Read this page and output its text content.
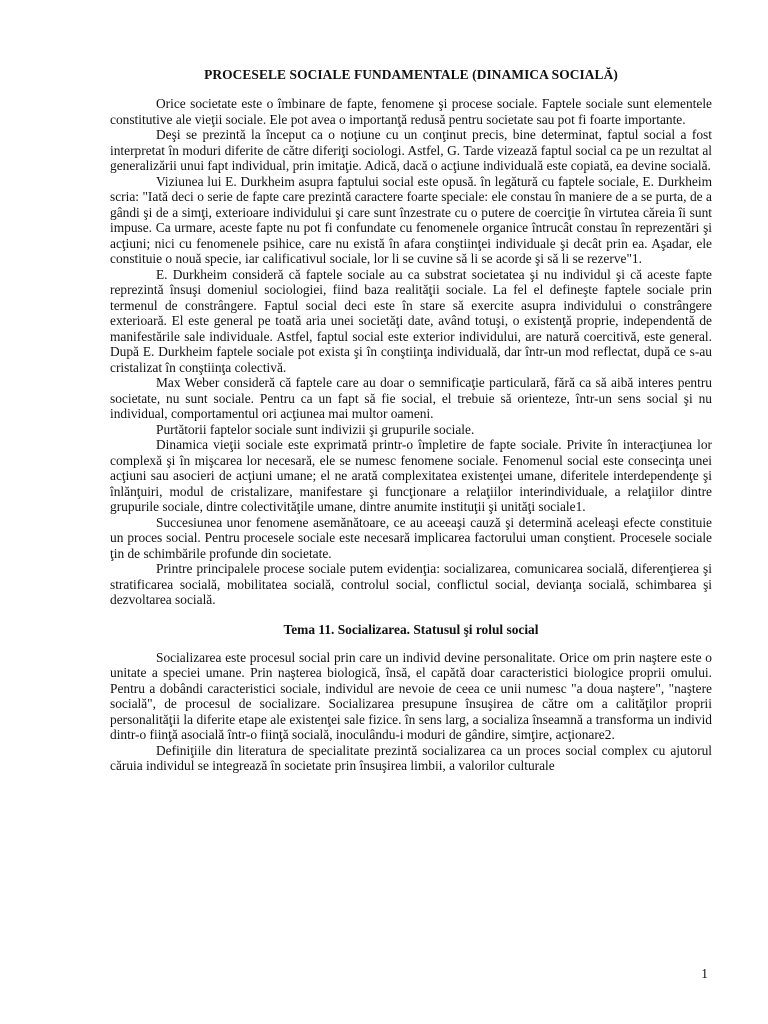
PROCESELE SOCIALE FUNDAMENTALE (DINAMICA SOCIALĂ)

Orice societate este o îmbinare de fapte, fenomene şi procese sociale. Faptele sociale sunt elementele constitutive ale vieţii sociale. Ele pot avea o importanţă redusă pentru societate sau pot fi foarte importante.

Deşi se prezintă la început ca o noţiune cu un conţinut precis, bine determinat, faptul social a fost interpretat în moduri diferite de către diferiţi sociologi. Astfel, G. Tarde vizează faptul social ca pe un rezultat al generalizării unui fapt individual, prin imitaţie. Adică, dacă o acţiune individuală este copiată, ea devine socială.

Viziunea lui E. Durkheim asupra faptului social este opusă. în legătură cu faptele sociale, E. Durkheim scria: "Iată deci o serie de fapte care prezintă caractere foarte speciale: ele constau în maniere de a se purta, de a gândi şi de a simţi, exterioare individului şi care sunt înzestrate cu o putere de coerciţie în virtutea căreia îi sunt impuse. Ca urmare, aceste fapte nu pot fi confundate cu fenomenele organice întrucât constau în reprezentări şi acţiuni; nici cu fenomenele psihice, care nu există în afara conştiinţei individuale şi decât prin ea. Aşadar, ele constituie o nouă specie, iar calificativul sociale, lor li se cuvine să li se acorde şi să li se rezerve"1.

E. Durkheim consideră că faptele sociale au ca substrat societatea şi nu individul şi că aceste fapte reprezintă însuşi domeniul sociologiei, fiind baza realităţii sociale. La fel el defineşte faptele sociale prin termenul de constrângere. Faptul social deci este în stare să exercite asupra individului o constrângere exterioară. El este general pe toată aria unei societăţi date, având totuşi, o existenţă proprie, independentă de manifestările sale individuale. Astfel, faptul social este exterior individului, are natură coercitivă, este general. După E. Durkheim faptele sociale pot exista şi în conştiinţa individuală, dar într-un mod reflectat, după ce s-au cristalizat în conştiinţa colectivă.

Max Weber consideră că faptele care au doar o semnificaţie particulară, fără ca să aibă interes pentru societate, nu sunt sociale. Pentru ca un fapt să fie social, el trebuie să orienteze, într-un sens social şi nu individual, comportamentul ori acţiunea mai multor oameni.

Purtătorii faptelor sociale sunt indivizii şi grupurile sociale.

Dinamica vieţii sociale este exprimată printr-o împletire de fapte sociale. Privite în interacţiunea lor complexă şi în mişcarea lor necesară, ele se numesc fenomene sociale. Fenomenul social este consecinţa unei acţiuni sau asocieri de acţiuni umane; el ne arată complexitatea existenţei umane, diferitele interdependenţe şi înlănţuiri, modul de cristalizare, manifestare şi funcţionare a relaţiilor interindividuale, a relaţiilor dintre grupurile sociale, dintre colectivităţile umane, dintre anumite instituţii şi unităţi sociale1.

Succesiunea unor fenomene asemănătoare, ce au aceeaşi cauză şi determină aceleaşi efecte constituie un proces social. Pentru procesele sociale este necesară implicarea factorului uman conştient. Procesele sociale ţin de schimbările profunde din societate.

Printre principalele procese sociale putem evidenţia: socializarea, comunicarea socială, diferenţierea şi stratificarea socială, mobilitatea socială, controlul social, conflictul social, devianţa socială, schimbarea şi dezvoltarea socială.

Tema 11. Socializarea. Statusul şi rolul social

Socializarea este procesul social prin care un individ devine personalitate. Orice om prin naştere este o unitate a speciei umane. Prin naşterea biologică, însă, el capătă doar caracteristici biologice proprii omului. Pentru a dobândi caracteristici sociale, individul are nevoie de ceea ce unii numesc "a doua naştere", "naştere socială", de procesul de socializare. Socializarea presupune însuşirea de către om a calităţilor proprii personalităţii la diferite etape ale existenţei sale fizice. în sens larg, a socializa înseamnă a transforma un individ dintr-o fiinţă asocială într-o fiinţă socială, inoculându-i moduri de gândire, simţire, acţionare2.

Definiţiile din literatura de specialitate prezintă socializarea ca un proces social complex cu ajutorul căruia individul se integrează în societate prin însuşirea limbii, a valorilor culturale

1
